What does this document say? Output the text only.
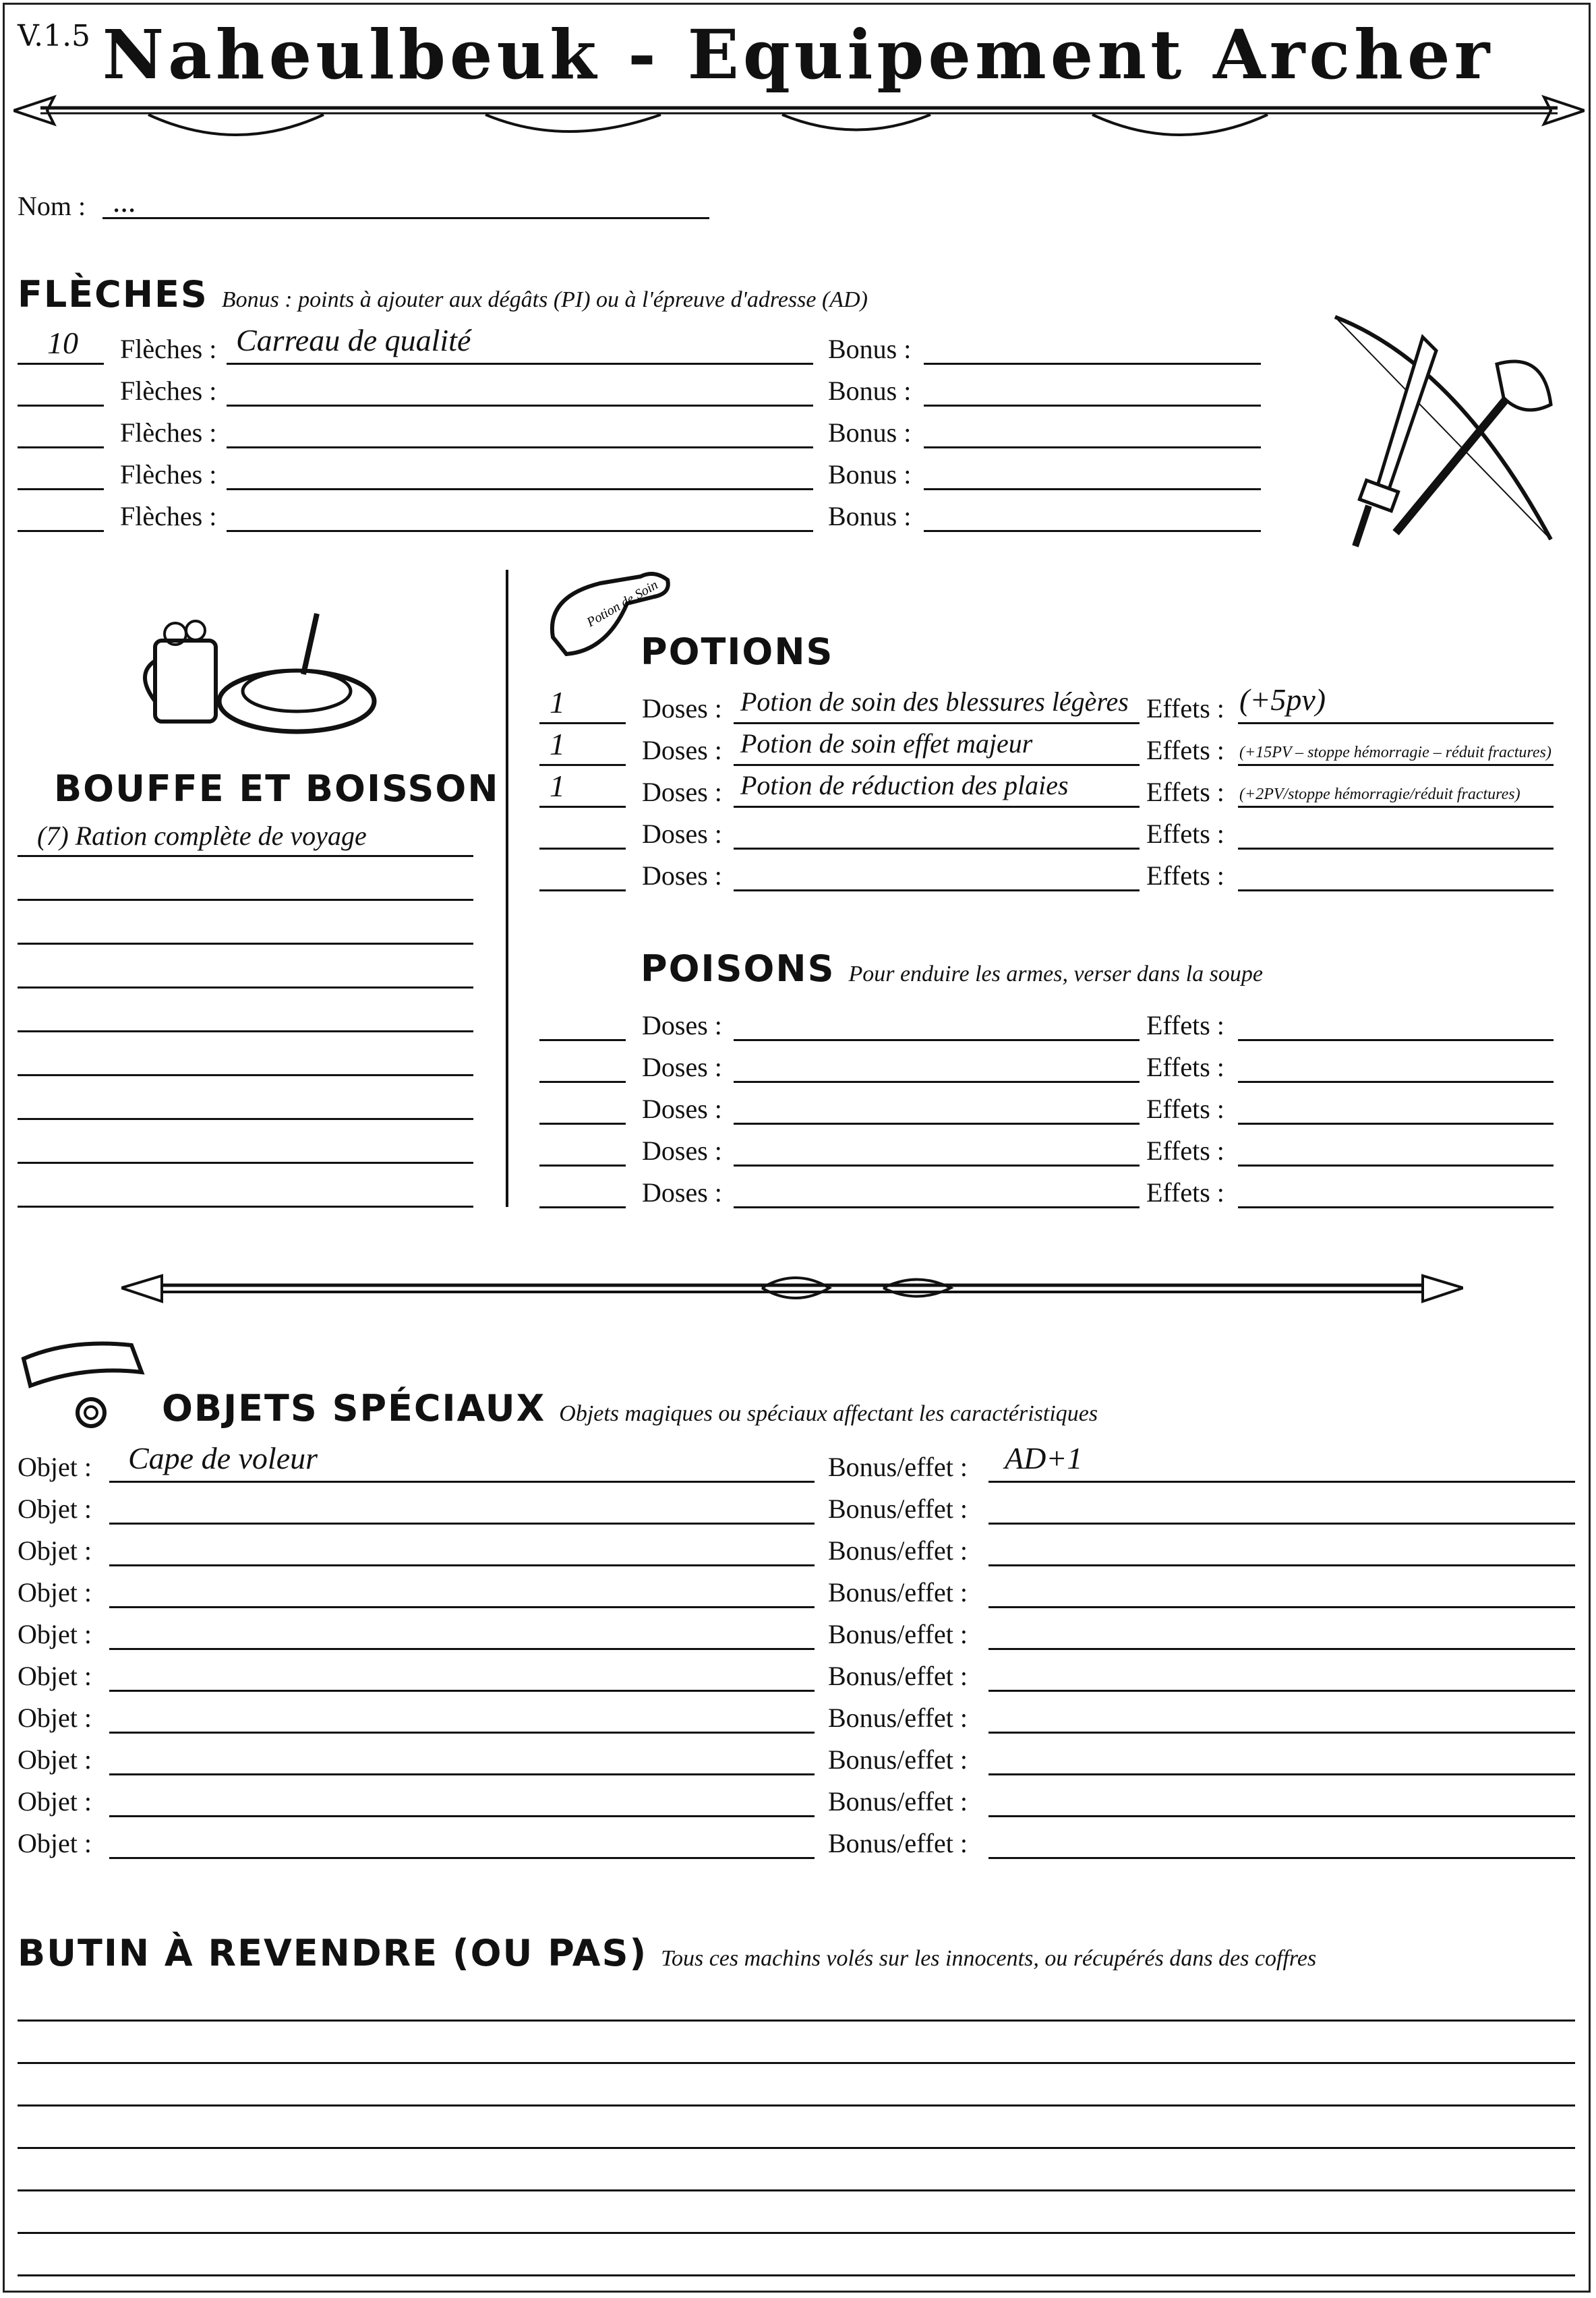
V.1.5 Naheulbeuk - Equipement Archer
Nom : ...
FLÈCHES Bonus : points à ajouter aux dégâts (PI) ou à l'épreuve d'adresse (AD)
10 Flèches : Carreau de qualité	Bonus :
Flèches :	Bonus :
Flèches :	Bonus :
Flèches :	Bonus :
Flèches :	Bonus :
BOUFFE ET BOISSON
(7) Ration complète de voyage
Potion de Soin
POTIONS
1	Doses : Potion de soin des blessures légères Effets : (+5pv)
1	Doses : Potion de soin effet majeur	Effets : (+15PV – stoppe hémorragie – réduit fractures)
1	Doses : Potion de réduction des plaies	Effets : (+2PV/stoppe hémorragie/réduit fractures)
Doses :	Effets :
Doses :	Effets :
POISONS Pour enduire les armes, verser dans la soupe
Doses :	Effets :
Doses :	Effets :
Doses :	Effets :
Doses :	Effets :
Doses :	Effets :
OBJETS SPÉCIAUX Objets magiques ou spéciaux affectant les caractéristiques
Objet : Cape de voleur	Bonus/effet : AD+1
Objet :	Bonus/effet :
Objet :	Bonus/effet :
Objet :	Bonus/effet :
Objet :	Bonus/effet :
Objet :	Bonus/effet :
Objet :	Bonus/effet :
Objet :	Bonus/effet :
Objet :	Bonus/effet :
Objet :	Bonus/effet :
BUTIN À REVENDRE (OU PAS) Tous ces machins volés sur les innocents, ou récupérés dans des coffres
